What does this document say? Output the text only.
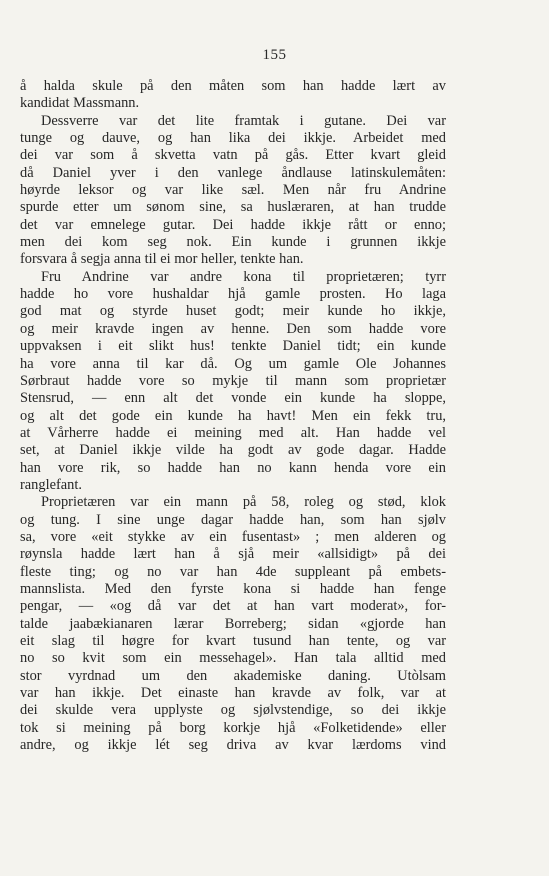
155
å halda skule på den måten som han hadde lært av
kandidat Massmann.
Dessverre var det lite framtak i gutane. Dei var
tunge og dauve, og han lika dei ikkje. Arbeidet med
dei var som å skvetta vatn på gås. Etter kvart gleid
då Daniel yver i den vanlege åndlause latinskulemåten:
høyrde leksor og var like sæl. Men når fru Andrine
spurde etter um sønom sine, sa huslæraren, at han trudde
det var emnelege gutar. Dei hadde ikkje rått or enno;
men dei kom seg nok. Ein kunde i grunnen ikkje
forsvara å segja anna til ei mor heller, tenkte han.
Fru Andrine var andre kona til proprietæren; tyrr
hadde ho vore hushaldar hjå gamle prosten. Ho laga
god mat og styrde huset godt; meir kunde ho ikkje,
og meir kravde ingen av henne. Den som hadde vore
uppvaksen i eit slikt hus! tenkte Daniel tidt; ein kunde
ha vore anna til kar då. Og um gamle Ole Johannes
Sørbraut hadde vore so mykje til mann som proprietær
Stensrud, — enn alt det vonde ein kunde ha sloppe,
og alt det gode ein kunde ha havt! Men ein fekk tru,
at Vårherre hadde ei meining med alt. Han hadde vel
set, at Daniel ikkje vilde ha godt av gode dagar. Hadde
han vore rik, so hadde han no kann henda vore ein
ranglefant.
Proprietæren var ein mann på 58, roleg og stød, klok
og tung. I sine unge dagar hadde han, som han sjølv
sa, vore «eit stykke av ein fusentast» ; men alderen og
røynsla hadde lært han å sjå meir «allsidigt» på dei
fleste ting; og no var han 4de suppleant på embets-
mannslista. Med den fyrste kona si hadde han fenge
pengar, — «og då var det at han vart moderat», for-
talde jaabækianaren lærar Borreberg; sidan «gjorde han
eit slag til høgre for kvart tusund han tente, og var
no so kvit som ein messehagel». Han tala alltid med
stor vyrdnad um den akademiske daning. Utòlsam
var han ikkje. Det einaste han kravde av folk, var at
dei skulde vera upplyste og sjølvstendige, so dei ikkje
tok si meining på borg korkje hjå «Folketidende» eller
andre, og ikkje lét seg driva av kvar lærdoms vind
